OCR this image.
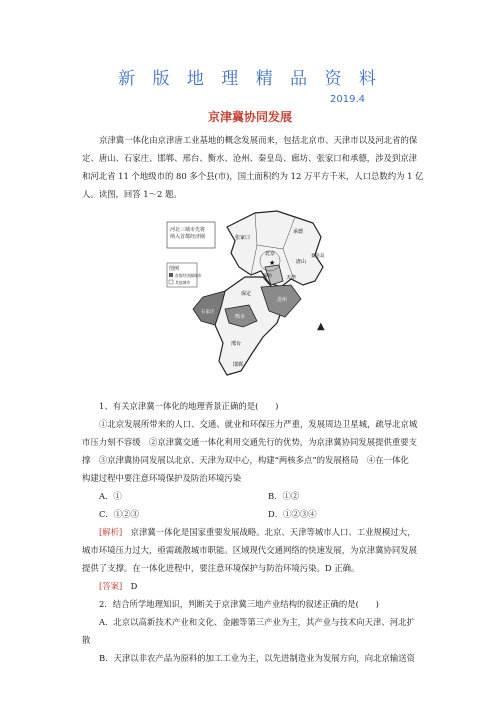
新 版 地 理 精 品 资 料
2019.4
京津冀协同发展
京津冀一体化由京津唐工业基地的概念发展而来，包括北京市、天津市以及河北省的保
定、唐山、石家庄、邯郸、邢台、衡水、沧州、秦皇岛、廊坊、张家口和承德，涉及到京津
和河北省 11 个地级市的 80 多个县(市)，国土面积约为 12 万平方千米，人口总数约为 1 亿
人。读图，回答 1～2 题。
河北三城市先将
纳入首都经济圈
图例
首都经济圈城市
其他城市
★
张家口
承德
北京
廊坊
唐山
秦皇岛
天津
保定
沧州
石家庄
衡水
邢台
邯郸
▲
1、有关京津冀一体化的地理背景正确的是(　　)
①北京发展所带来的人口、交通、就业和环保压力严重，发展周边卫星城，疏导北京城
市压力刻不容缓　②京津冀交通一体化利用交通先行的优势，为京津冀协同发展提供重要支
撑　③京津冀协同发展以北京、天津为双中心，构建“两核多点”的发展格局　④在一体化
构建过程中要注意环境保护及防治环境污染
A．①	B．①②
C．①②③	D．①②③④
[解析]　京津冀一体化是国家重要发展战略。北京、天津等城市人口、工业规模过大，
城市环境压力过大，亟需疏散城市职能。区域现代交通网络的快速发展，为京津冀协同发展
提供了支撑。在一体化进程中，要注意环境保护与防治环境污染。D 正确。
[答案]　D
2．结合所学地理知识，判断关于京津冀三地产业结构的叙述正确的是(　　)
A．北京以高新技术产业和文化、金融等第三产业为主，其产业与技术向天津、河北扩
散
B．天津以非农产品为原料的加工工业为主，以先进制造业为发展方向，向北京输送资
